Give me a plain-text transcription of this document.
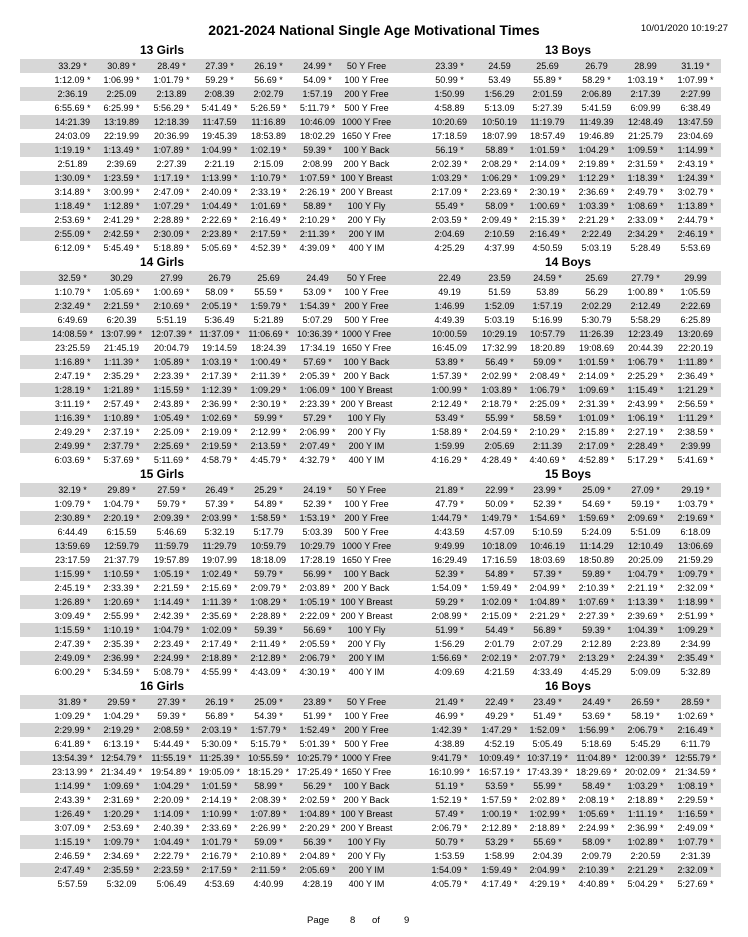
2021-2024 National Single Age Motivational Times	10/01/2020 10:19:27
Page 8 of	9
13 Girls	13 Boys
33.29 *	30.89 *	28.49 *	27.39 *	26.19 *	24.99 *	50 Y Free	23.39 *	24.59	25.69	26.79	28.99	31.19 *
1:12.09 *	1:06.99 *	1:01.79 *	59.29 *	56.69 *	54.09 *	100 Y Free	50.99 *	53.49	55.89 *	58.29 *	1:03.19 *	1:07.99 *
2:36.19	2:25.09	2:13.89	2:08.39	2:02.79	1:57.19	200 Y Free	1:50.99	1:56.29	2:01.59	2:06.89	2:17.39	2:27.99
6:55.69 *	6:25.99 *	5:56.29 *	5:41.49 *	5:26.59 *	5:11.79 *	500 Y Free	4:58.89	5:13.09	5:27.39	5:41.59	6:09.99	6:38.49
14:21.39	13:19.89	12:18.39	11:47.59	11:16.89	10:46.09 1000 Y Free	10:20.69	10:50.19	11:19.79	11:49.39	12:48.49	13:47.59
24:03.09	22:19.99	20:36.99	19:45.39	18:53.89	18:02.29 1650 Y Free	17:18.59	18:07.99	18:57.49	19:46.89	21:25.79	23:04.69
1:19.19 *	1:13.49 *	1:07.89 *	1:04.99 *	1:02.19 *	59.39 *	100 Y Back	56.19 *	58.89 *	1:01.59 *	1:04.29 *	1:09.59 *	1:14.99 *
2:51.89	2:39.69	2:27.39	2:21.19	2:15.09	2:08.99	200 Y Back	2:02.39 *	2:08.29 *	2:14.09 *	2:19.89 *	2:31.59 *	2:43.19 *
1:30.09 *	1:23.59 *	1:17.19 *	1:13.99 *	1:10.79 *	1:07.59 * 100 Y Breast	1:03.29 *	1:06.29 *	1:09.29 *	1:12.29 *	1:18.39 *	1:24.39 *
3:14.89 *	3:00.99 *	2:47.09 *	2:40.09 *	2:33.19 *	2:26.19 * 200 Y Breast	2:17.09 *	2:23.69 *	2:30.19 *	2:36.69 *	2:49.79 *	3:02.79 *
1:18.49 *	1:12.89 *	1:07.29 *	1:04.49 *	1:01.69 *	58.89 *	100 Y Fly	55.49 *	58.09 *	1:00.69 *	1:03.39 *	1:08.69 *	1:13.89 *
2:53.69 *	2:41.29 *	2:28.89 *	2:22.69 *	2:16.49 *	2:10.29 *	200 Y Fly	2:03.59 *	2:09.49 *	2:15.39 *	2:21.29 *	2:33.09 *	2:44.79 *
2:55.09 *	2:42.59 *	2:30.09 *	2:23.89 *	2:17.59 *	2:11.39 *	200 Y IM	2:04.69	2:10.59	2:16.49 *	2:22.49	2:34.29 *	2:46.19 *
6:12.09 *	5:45.49 *	5:18.89 *	5:05.69 *	4:52.39 *	4:39.09 *	400 Y IM	4:25.29	4:37.99	4:50.59	5:03.19	5:28.49	5:53.69
14 Girls	14 Boys
32.59 *	30.29	27.99	26.79	25.69	24.49	50 Y Free	22.49	23.59	24.59 *	25.69	27.79 *	29.99
1:10.79 *	1:05.69 *	1:00.69 *	58.09 *	55.59 *	53.09 *	100 Y Free	49.19	51.59	53.89	56.29	1:00.89 *	1:05.59
2:32.49 *	2:21.59 *	2:10.69 *	2:05.19 *	1:59.79 *	1:54.39 * 200 Y Free	1:46.99	1:52.09	1:57.19	2:02.29	2:12.49	2:22.69
6:49.69	6:20.39	5:51.19	5:36.49	5:21.89	5:07.29	500 Y Free	4:49.39	5:03.19	5:16.99	5:30.79	5:58.29	6:25.89
14:08.59 * 13:07.99 * 12:07.39 * 11:37.09 * 11:06.69 * 10:36.39 * 1000 Y Free	10:00.59	10:29.19	10:57.79	11:26.39	12:23.49	13:20.69
23:25.59	21:45.19	20:04.79	19:14.59	18:24.39	17:34.19 1650 Y Free	16:45.09	17:32.99	18:20.89	19:08.69	20:44.39	22:20.19
1:16.89 *	1:11.39 *	1:05.89 *	1:03.19 *	1:00.49 *	57.69 *	100 Y Back	53.89 *	56.49 *	59.09 *	1:01.59 *	1:06.79 *	1:11.89 *
2:47.19 *	2:35.29 *	2:23.39 *	2:17.39 *	2:11.39 *	2:05.39 * 200 Y Back	1:57.39 *	2:02.99 *	2:08.49 *	2:14.09 *	2:25.29 *	2:36.49 *
1:28.19 *	1:21.89 *	1:15.59 *	1:12.39 *	1:09.29 *	1:06.09 * 100 Y Breast	1:00.99 *	1:03.89 *	1:06.79 *	1:09.69 *	1:15.49 *	1:21.29 *
3:11.19 *	2:57.49 *	2:43.89 *	2:36.99 *	2:30.19 *	2:23.39 * 200 Y Breast	2:12.49 *	2:18.79 *	2:25.09 *	2:31.39 *	2:43.99 *	2:56.59 *
1:16.39 *	1:10.89 *	1:05.49 *	1:02.69 *	59.99 *	57.29 *	100 Y Fly	53.49 *	55.99 *	58.59 *	1:01.09 *	1:06.19 *	1:11.29 *
2:49.29 *	2:37.19 *	2:25.09 *	2:19.09 *	2:12.99 *	2:06.99 *	200 Y Fly	1:58.89 *	2:04.59 *	2:10.29 *	2:15.89 *	2:27.19 *	2:38.59 *
2:49.99 *	2:37.79 *	2:25.69 *	2:19.59 *	2:13.59 *	2:07.49 *	200 Y IM	1:59.99	2:05.69	2:11.39	2:17.09 *	2:28.49 *	2:39.99
6:03.69 *	5:37.69 *	5:11.69 *	4:58.79 *	4:45.79 *	4:32.79 *	400 Y IM	4:16.29 *	4:28.49 *	4:40.69 *	4:52.89 *	5:17.29 *	5:41.69 *
15 Girls	15 Boys
32.19 *	29.89 *	27.59 *	26.49 *	25.29 *	24.19 *	50 Y Free	21.89 *	22.99 *	23.99 *	25.09 *	27.09 *	29.19 *
1:09.79 *	1:04.79 *	59.79 *	57.39 *	54.89 *	52.39 *	100 Y Free	47.79 *	50.09 *	52.39 *	54.69 *	59.19 *	1:03.79 *
2:30.89 *	2:20.19 *	2:09.39 *	2:03.99 *	1:58.59 *	1:53.19 * 200 Y Free	1:44.79 *	1:49.79 *	1:54.69 *	1:59.69 *	2:09.69 *	2:19.69 *
6:44.49	6:15.59	5:46.69	5:32.19	5:17.79	5:03.39	500 Y Free	4:43.59	4:57.09	5:10.59	5:24.09	5:51.09	6:18.09
13:59.69	12:59.79	11:59.79	11:29.79	10:59.79	10:29.79 1000 Y Free	9:49.99	10:18.09	10:46.19	11:14.29	12:10.49	13:06.69
23:17.59	21:37.79	19:57.89	19:07.99	18:18.09	17:28.19 1650 Y Free	16:29.49	17:16.59	18:03.69	18:50.89	20:25.09	21:59.29
1:15.99 *	1:10.59 *	1:05.19 *	1:02.49 *	59.79 *	56.99 *	100 Y Back	52.39 *	54.89 *	57.39 *	59.89 *	1:04.79 *	1:09.79 *
2:45.19 *	2:33.39 *	2:21.59 *	2:15.69 *	2:09.79 *	2:03.89 * 200 Y Back	1:54.09 *	1:59.49 *	2:04.99 *	2:10.39 *	2:21.19 *	2:32.09 *
1:26.89 *	1:20.69 *	1:14.49 *	1:11.39 *	1:08.29 *	1:05.19 * 100 Y Breast	59.29 *	1:02.09 *	1:04.89 *	1:07.69 *	1:13.39 *	1:18.99 *
3:09.49 *	2:55.99 *	2:42.39 *	2:35.69 *	2:28.89 *	2:22.09 * 200 Y Breast	2:08.99 *	2:15.09 *	2:21.29 *	2:27.39 *	2:39.69 *	2:51.99 *
1:15.59 *	1:10.19 *	1:04.79 *	1:02.09 *	59.39 *	56.69 *	100 Y Fly	51.99 *	54.49 *	56.89 *	59.39 *	1:04.39 *	1:09.29 *
2:47.39 *	2:35.39 *	2:23.49 *	2:17.49 *	2:11.49 *	2:05.59 *	200 Y Fly	1:56.29	2:01.79	2:07.29	2:12.89	2:23.89	2:34.99
2:49.09 *	2:36.99 *	2:24.99 *	2:18.89 *	2:12.89 *	2:06.79 *	200 Y IM	1:56.69 *	2:02.19 *	2:07.79 *	2:13.29 *	2:24.39 *	2:35.49 *
6:00.29 *	5:34.59 *	5:08.79 *	4:55.99 *	4:43.09 *	4:30.19 *	400 Y IM	4:09.69	4:21.59	4:33.49	4:45.29	5:09.09	5:32.89
16 Girls	16 Boys
31.89 *	29.59 *	27.39 *	26.19 *	25.09 *	23.89 *	50 Y Free	21.49 *	22.49 *	23.49 *	24.49 *	26.59 *	28.59 *
1:09.29 *	1:04.29 *	59.39 *	56.89 *	54.39 *	51.99 *	100 Y Free	46.99 *	49.29 *	51.49 *	53.69 *	58.19 *	1:02.69 *
2:29.99 *	2:19.29 *	2:08.59 *	2:03.19 *	1:57.79 *	1:52.49 * 200 Y Free	1:42.39 *	1:47.29 *	1:52.09 *	1:56.99 *	2:06.79 *	2:16.49 *
6:41.89 *	6:13.19 *	5:44.49 *	5:30.09 *	5:15.79 *	5:01.39 * 500 Y Free	4:38.89	4:52.19	5:05.49	5:18.69	5:45.29	6:11.79
13:54.39 * 12:54.79 *	11:55.19 * 11:25.39 * 10:55.59 * 10:25.79 * 1000 Y Free	9:41.79 *	10:09.49 * 10:37.19 * 11:04.89 * 12:00.39 * 12:55.79 *
23:13.99 * 21:34.49 * 19:54.89 * 19:05.09 * 18:15.29 * 17:25.49 * 1650 Y Free	16:10.99 * 16:57.19 * 17:43.39 * 18:29.69 * 20:02.09 * 21:34.59 *
1:14.99 *	1:09.69 *	1:04.29 *	1:01.59 *	58.99 *	56.29 *	100 Y Back	51.19 *	53.59 *	55.99 *	58.49 *	1:03.29 *	1:08.19 *
2:43.39 *	2:31.69 *	2:20.09 *	2:14.19 *	2:08.39 *	2:02.59 * 200 Y Back	1:52.19 *	1:57.59 *	2:02.89 *	2:08.19 *	2:18.89 *	2:29.59 *
1:26.49 *	1:20.29 *	1:14.09 *	1:10.99 *	1:07.89 *	1:04.89 * 100 Y Breast	57.49 *	1:00.19 *	1:02.99 *	1:05.69 *	1:11.19 *	1:16.59 *
3:07.09 *	2:53.69 *	2:40.39 *	2:33.69 *	2:26.99 *	2:20.29 * 200 Y Breast	2:06.79 *	2:12.89 *	2:18.89 *	2:24.99 *	2:36.99 *	2:49.09 *
1:15.19 *	1:09.79 *	1:04.49 *	1:01.79 *	59.09 *	56.39 *	100 Y Fly	50.79 *	53.29 *	55.69 *	58.09 *	1:02.89 *	1:07.79 *
2:46.59 *	2:34.69 *	2:22.79 *	2:16.79 *	2:10.89 *	2:04.89 *	200 Y Fly	1:53.59	1:58.99	2:04.39	2:09.79	2:20.59	2:31.39
2:47.49 *	2:35.59 *	2:23.59 *	2:17.59 *	2:11.59 *	2:05.69 *	200 Y IM	1:54.09 *	1:59.49 *	2:04.99 *	2:10.39 *	2:21.29 *	2:32.09 *
5:57.59	5:32.09	5:06.49	4:53.69	4:40.99	4:28.19	400 Y IM	4:05.79 *	4:17.49 *	4:29.19 *	4:40.89 *	5:04.29 *	5:27.69 *
